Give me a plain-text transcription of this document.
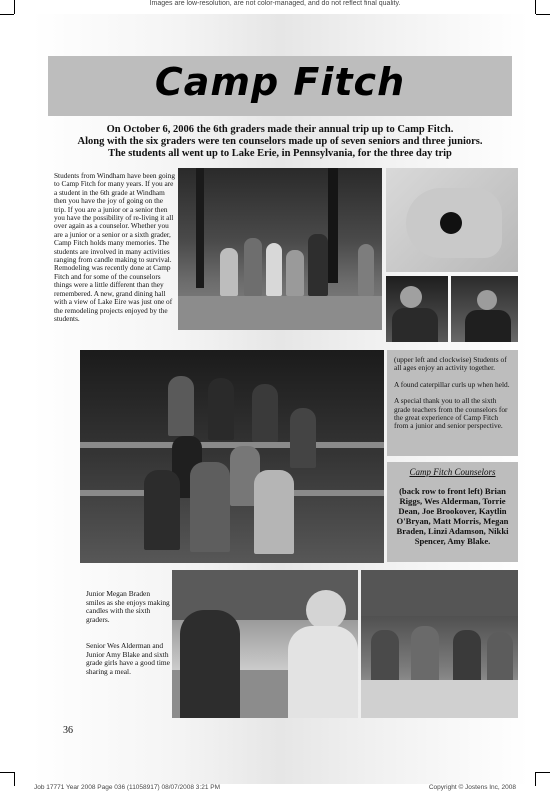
Images are low-resolution, are not color-managed, and do not reflect final quality.
Camp Fitch
On October 6, 2006 the 6th graders made their annual trip up to Camp Fitch.
Along with the six graders were ten counselors made up of seven seniors and three juniors.
The students all went up to Lake Erie, in Pennsylvania, for the three day trip
Students from Windham have been going to Camp Fitch for many years. If you are a student in the 6th grade at Windham then you have the joy of going on the trip. If you are a junior or a senior then you have the possibility of re-living it all over again as a counselor. Whether you are a junior or a senior or a sixth grader, Camp Fitch holds many memories. The students are involved in many activities ranging from candle making to survival. Remodeling was recently done at Camp Fitch and for some of the counselors things were a little different than they remembered. A new, grand dining hall with a view of Lake Eire was just one of the remodeling projects enjoyed by the students.

(upper left and clockwise) Students of all ages enjoy an activity together.

A found caterpillar curls up when held.

A special thank you to all the sixth grade teachers from the counselors for the great experience of Camp Fitch from a junior and senior perspective.

Camp Fitch Counselors
(back row to front left) Brian Riggs, Wes Alderman, Torrie Dean, Joe Brookover, Kaytlin O'Bryan, Matt Morris, Megan Braden, Linzi Adamson, Nikki Spencer, Amy Blake.
Junior Megan Braden smiles as she enjoys making candles with the sixth graders.
Senior Wes Alderman and Junior Amy Blake and sixth grade girls have a good time sharing a meal.
36
Job 17771 Year 2008 Page 036 (11058917̄) 08/07/2008 3:21 PM	Copyright © Jostens Inc, 2008
